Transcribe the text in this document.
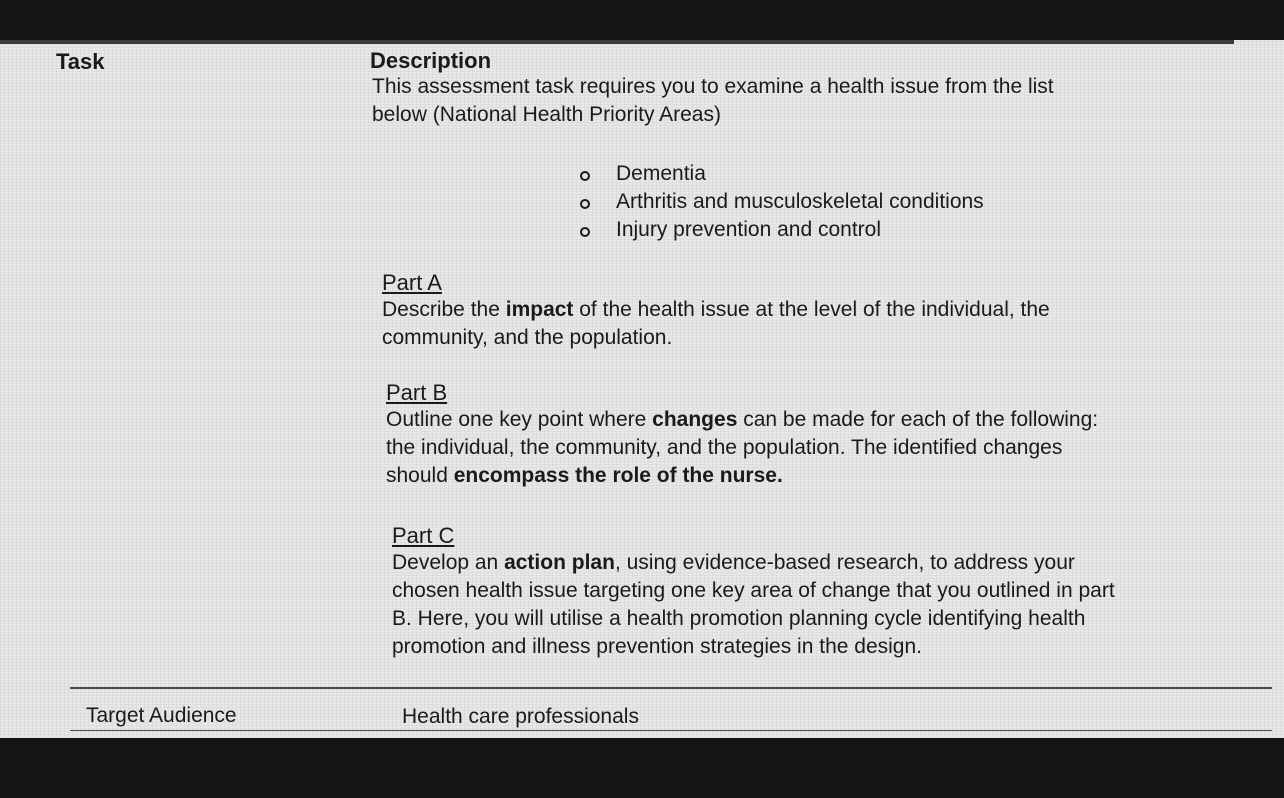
Task	Description

This assessment task requires you to examine a health issue from the list

below (National Health Priority Areas)

Dementia
Arthritis and musculoskeletal conditions
Injury prevention and control
Part A

Describe the impact of the health issue at the level of the individual, the

community, and the population.

Part B

Outline one key point where changes can be made for each of the following:

the individual, the community, and the population. The identified changes

should encompass the role of the nurse.

Part C

Develop an action plan, using evidence-based research, to address your

chosen health issue targeting one key area of change that you outlined in part

B. Here, you will utilise a health promotion planning cycle identifying health

promotion and illness prevention strategies in the design.

Target Audience	Health care professionals
